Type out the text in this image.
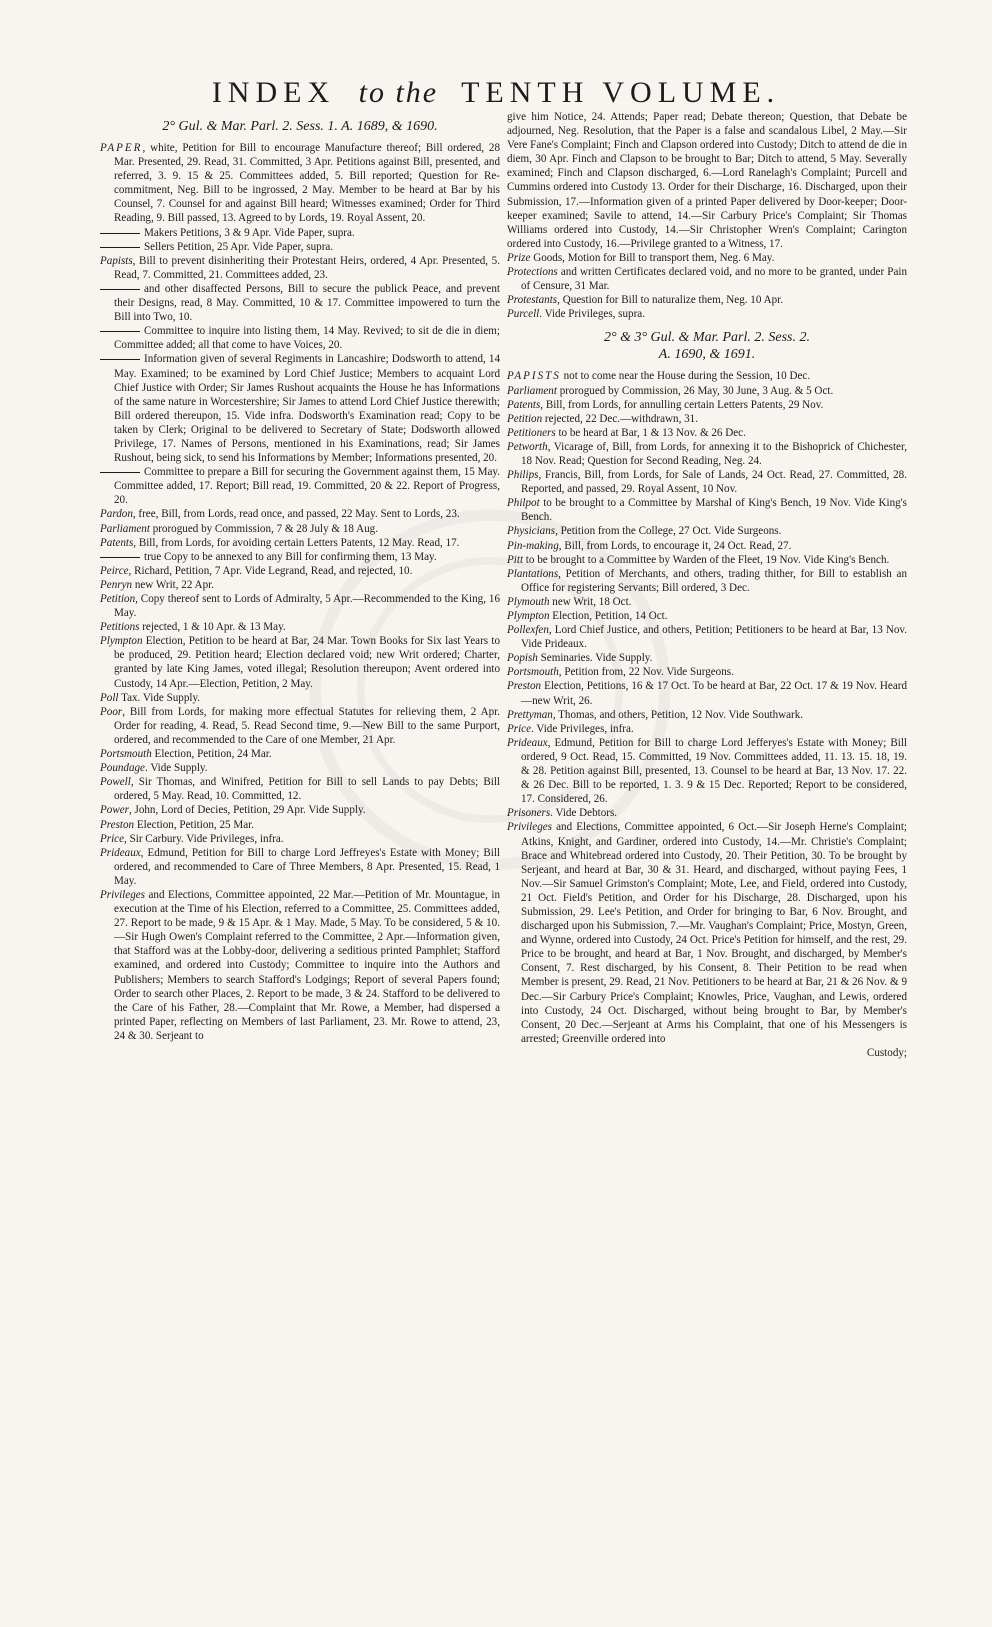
INDEX to the TENTH VOLUME.
2° Gul. & Mar. Parl. 2. Sess. 1. A. 1689, & 1690.

PAPER, white, Petition for Bill to encourage Manufacture thereof; Bill ordered, 28 Mar. Presented, 29. Read, 31. Committed, 3 Apr. Petitions against Bill, presented, and referred, 3. 9. 15 & 25. Committees added, 5. Bill reported; Question for Re-commitment, Neg. Bill to be ingrossed, 2 May. Member to be heard at Bar by his Counsel, 7. Counsel for and against Bill heard; Witnesses examined; Order for Third Reading, 9. Bill passed, 13. Agreed to by Lords, 19. Royal Assent, 20.

Makers Petitions, 3 & 9 Apr. Vide Paper, supra.

Sellers Petition, 25 Apr. Vide Paper, supra.

Papists, Bill to prevent disinheriting their Protestant Heirs, ordered, 4 Apr. Presented, 5. Read, 7. Committed, 21. Committees added, 23.

and other disaffected Persons, Bill to secure the publick Peace, and prevent their Designs, read, 8 May. Committed, 10 & 17. Committee impowered to turn the Bill into Two, 10.

Committee to inquire into listing them, 14 May. Revived; to sit de die in diem; Committee added; all that come to have Voices, 20.

Information given of several Regiments in Lancashire; Dodsworth to attend, 14 May. Examined; to be examined by Lord Chief Justice; Members to acquaint Lord Chief Justice with Order; Sir James Rushout acquaints the House he has Informations of the same nature in Worcestershire; Sir James to attend Lord Chief Justice therewith; Bill ordered thereupon, 15. Vide infra. Dodsworth's Examination read; Copy to be taken by Clerk; Original to be delivered to Secretary of State; Dodsworth allowed Privilege, 17. Names of Persons, mentioned in his Examinations, read; Sir James Rushout, being sick, to send his Informations by Member; Informations presented, 20.

Committee to prepare a Bill for securing the Government against them, 15 May. Committee added, 17. Report; Bill read, 19. Committed, 20 & 22. Report of Progress, 20.

Pardon, free, Bill, from Lords, read once, and passed, 22 May. Sent to Lords, 23.

Parliament prorogued by Commission, 7 & 28 July & 18 Aug.

Patents, Bill, from Lords, for avoiding certain Letters Patents, 12 May. Read, 17.

true Copy to be annexed to any Bill for confirming them, 13 May.

Peirce, Richard, Petition, 7 Apr. Vide Legrand, Read, and rejected, 10.

Penryn new Writ, 22 Apr.

Petition, Copy thereof sent to Lords of Admiralty, 5 Apr.—Recommended to the King, 16 May.

Petitions rejected, 1 & 10 Apr. & 13 May.

Plympton Election, Petition to be heard at Bar, 24 Mar. Town Books for Six last Years to be produced, 29. Petition heard; Election declared void; new Writ ordered; Charter, granted by late King James, voted illegal; Resolution thereupon; Avent ordered into Custody, 14 Apr.—Election, Petition, 2 May.

Poll Tax. Vide Supply.

Poor, Bill from Lords, for making more effectual Statutes for relieving them, 2 Apr. Order for reading, 4. Read, 5. Read Second time, 9.—New Bill to the same Purport, ordered, and recommended to the Care of one Member, 21 Apr.

Portsmouth Election, Petition, 24 Mar.

Poundage. Vide Supply.

Powell, Sir Thomas, and Winifred, Petition for Bill to sell Lands to pay Debts; Bill ordered, 5 May. Read, 10. Committed, 12.

Power, John, Lord of Decies, Petition, 29 Apr. Vide Supply.

Preston Election, Petition, 25 Mar.

Price, Sir Carbury. Vide Privileges, infra.

Prideaux, Edmund, Petition for Bill to charge Lord Jeffreyes's Estate with Money; Bill ordered, and recommended to Care of Three Members, 8 Apr. Presented, 15. Read, 1 May.

Privileges and Elections, Committee appointed, 22 Mar.—Petition of Mr. Mountague, in execution at the Time of his Election, referred to a Committee, 25. Committees added, 27. Report to be made, 9 & 15 Apr. & 1 May. Made, 5 May. To be considered, 5 & 10.—Sir Hugh Owen's Complaint referred to the Committee, 2 Apr.—Information given, that Stafford was at the Lobby-door, delivering a seditious printed Pamphlet; Stafford examined, and ordered into Custody; Committee to inquire into the Authors and Publishers; Members to search Stafford's Lodgings; Report of several Papers found; Order to search other Places, 2. Report to be made, 3 & 24. Stafford to be delivered to the Care of his Father, 28.—Complaint that Mr. Rowe, a Member, had dispersed a printed Paper, reflecting on Members of last Parliament, 23. Mr. Rowe to attend, 23, 24 & 30. Serjeant to

give him Notice, 24. Attends; Paper read; Debate thereon; Question, that Debate be adjourned, Neg. Resolution, that the Paper is a false and scandalous Libel, 2 May.—Sir Vere Fane's Complaint; Finch and Clapson ordered into Custody; Ditch to attend de die in diem, 30 Apr. Finch and Clapson to be brought to Bar; Ditch to attend, 5 May. Severally examined; Finch and Clapson discharged, 6.—Lord Ranelagh's Complaint; Purcell and Cummins ordered into Custody 13. Order for their Discharge, 16. Discharged, upon their Submission, 17.—Information given of a printed Paper delivered by Door-keeper; Door-keeper examined; Savile to attend, 14.—Sir Carbury Price's Complaint; Sir Thomas Williams ordered into Custody, 14.—Sir Christopher Wren's Complaint; Carington ordered into Custody, 16.—Privilege granted to a Witness, 17.

Prize Goods, Motion for Bill to transport them, Neg. 6 May.

Protections and written Certificates declared void, and no more to be granted, under Pain of Censure, 31 Mar.

Protestants, Question for Bill to naturalize them, Neg. 10 Apr.

Purcell. Vide Privileges, supra.

2° & 3° Gul. & Mar. Parl. 2. Sess. 2.
A. 1690, & 1691.

PAPISTS not to come near the House during the Session, 10 Dec.

Parliament prorogued by Commission, 26 May, 30 June, 3 Aug. & 5 Oct.

Patents, Bill, from Lords, for annulling certain Letters Patents, 29 Nov.

Petition rejected, 22 Dec.—withdrawn, 31.

Petitioners to be heard at Bar, 1 & 13 Nov. & 26 Dec.

Petworth, Vicarage of, Bill, from Lords, for annexing it to the Bishoprick of Chichester, 18 Nov. Read; Question for Second Reading, Neg. 24.

Philips, Francis, Bill, from Lords, for Sale of Lands, 24 Oct. Read, 27. Committed, 28. Reported, and passed, 29. Royal Assent, 10 Nov.

Philpot to be brought to a Committee by Marshal of King's Bench, 19 Nov. Vide King's Bench.

Physicians, Petition from the College, 27 Oct. Vide Surgeons.

Pin-making, Bill, from Lords, to encourage it, 24 Oct. Read, 27.

Pitt to be brought to a Committee by Warden of the Fleet, 19 Nov. Vide King's Bench.

Plantations, Petition of Merchants, and others, trading thither, for Bill to establish an Office for registering Servants; Bill ordered, 3 Dec.

Plymouth new Writ, 18 Oct.

Plympton Election, Petition, 14 Oct.

Pollexfen, Lord Chief Justice, and others, Petition; Petitioners to be heard at Bar, 13 Nov. Vide Prideaux.

Popish Seminaries. Vide Supply.

Portsmouth, Petition from, 22 Nov. Vide Surgeons.

Preston Election, Petitions, 16 & 17 Oct. To be heard at Bar, 22 Oct. 17 & 19 Nov. Heard—new Writ, 26.

Prettyman, Thomas, and others, Petition, 12 Nov. Vide Southwark.

Price. Vide Privileges, infra.

Prideaux, Edmund, Petition for Bill to charge Lord Jefferyes's Estate with Money; Bill ordered, 9 Oct. Read, 15. Committed, 19 Nov. Committees added, 11. 13. 15. 18, 19. & 28. Petition against Bill, presented, 13. Counsel to be heard at Bar, 13 Nov. 17. 22. & 26 Dec. Bill to be reported, 1. 3. 9 & 15 Dec. Reported; Report to be considered, 17. Considered, 26.

Prisoners. Vide Debtors.

Privileges and Elections, Committee appointed, 6 Oct.—Sir Joseph Herne's Complaint; Atkins, Knight, and Gardiner, ordered into Custody, 14.—Mr. Christie's Complaint; Brace and Whitebread ordered into Custody, 20. Their Petition, 30. To be brought by Serjeant, and heard at Bar, 30 & 31. Heard, and discharged, without paying Fees, 1 Nov.—Sir Samuel Grimston's Complaint; Mote, Lee, and Field, ordered into Custody, 21 Oct. Field's Petition, and Order for his Discharge, 28. Discharged, upon his Submission, 29. Lee's Petition, and Order for bringing to Bar, 6 Nov. Brought, and discharged upon his Submission, 7.—Mr. Vaughan's Complaint; Price, Mostyn, Green, and Wynne, ordered into Custody, 24 Oct. Price's Petition for himself, and the rest, 29. Price to be brought, and heard at Bar, 1 Nov. Brought, and discharged, by Member's Consent, 7. Rest discharged, by his Consent, 8. Their Petition to be read when Member is present, 29. Read, 21 Nov. Petitioners to be heard at Bar, 21 & 26 Nov. & 9 Dec.—Sir Carbury Price's Complaint; Knowles, Price, Vaughan, and Lewis, ordered into Custody, 24 Oct. Discharged, without being brought to Bar, by Member's Consent, 20 Dec.—Serjeant at Arms his Complaint, that one of his Messengers is arrested; Greenville ordered into

Custody;
